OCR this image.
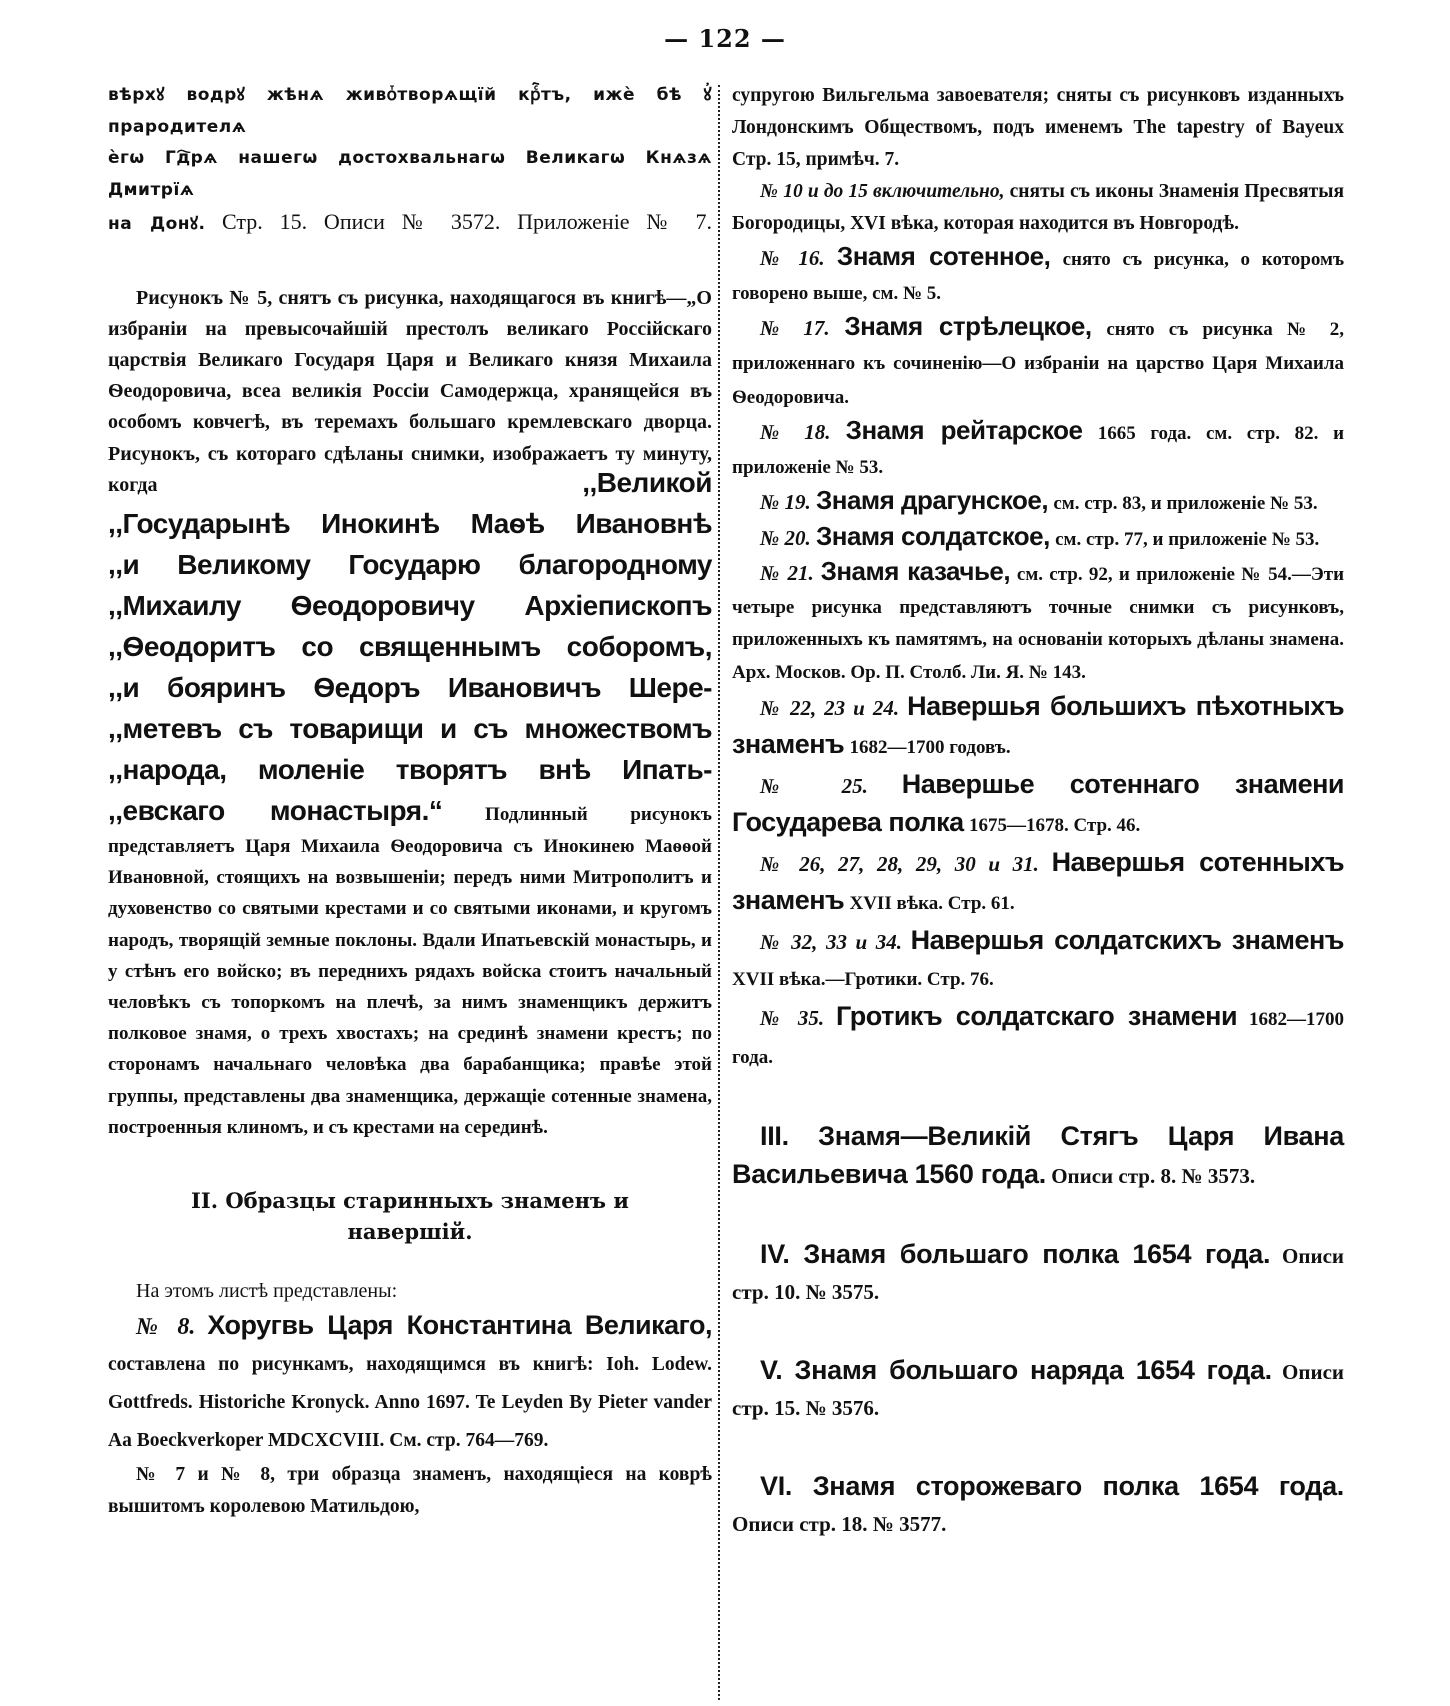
— 122 —

вѣрхꙋ водрꙋ жѣнѧ живоⷮтворѧщїй крⷭ҇тъ, ижѐ бѣ ꙋ҆ прародителѧ

ѐгѡ Гд҇рѧ нашегѡ достохвальнагѡ Великагѡ Кнѧзѧ Дмитрїѧ

на Донꙋ. Стр. 15. Описи № 3572. Приложеніе № 7.

Рисунокъ № 5, снятъ съ рисунка, находящагося въ книгѣ—„О избраніи на превысочайшій престолъ великаго Россійскаго царствія Великаго Государя Царя и Великаго князя Михаила Ѳеодоровича, всеа великія Россіи Самодержца, хранящейся въ особомъ ковчегѣ, въ теремахъ большаго кремлевскаго дворца. Рисунокъ, съ котораго сдѣланы снимки, изображаетъ ту минуту, когда	,,Великой

,,Государынѣ Инокинѣ Маѳѣ Ивановнѣ

,,и Великому Государю благородному

,,Михаилу Ѳеодоровичу Архіепископъ

,,Ѳеодоритъ со священнымъ соборомъ,

,,и бояринъ Ѳедоръ Ивановичъ Шере-

,,метевъ съ товарищи и съ множествомъ

,,народа, моленіе творятъ внѣ Ипать-

,,евскаго монастыря.“ Подлинный рисунокъ представляетъ Царя Михаила Ѳеодоровича съ Инокинею Маѳѳой Ивановной, стоящихъ на возвышеніи; передъ ними Митрополитъ и духовенство со святыми крестами и со святыми иконами, и кругомъ народъ, творящій земные поклоны. Вдали Ипатьевскій монастырь, и у стѣнъ его войско; въ переднихъ рядахъ войска стоитъ начальный человѣкъ съ топоркомъ на плечѣ, за нимъ знаменщикъ держитъ полковое знамя, о трехъ хвостахъ; на срединѣ знамени крестъ; по сторонамъ начальнаго человѣка два барабанщика; правѣе этой группы, представлены два знаменщика, держащіе сотенные знамена, построенныя клиномъ, и съ крестами на серединѣ.

II. Образцы старинныхъ знаменъ и навершій.

На этомъ листѣ представлены:

№ 8. Хоругвь Царя Константина Великаго, составлена по рисункамъ, находящимся въ книгѣ: Ioh. Lodew. Gottfreds. Historiche Kronyck. Anno 1697. Te Leyden By Pieter vander Aa Boeckverkoper MDCXCVIII. См. стр. 764—769.

№ 7 и № 8, три образца знаменъ, находящіеся на коврѣ вышитомъ королевою Матильдою,

супругою Вильгельма завоевателя; сняты съ рисунковъ изданныхъ Лондонскимъ Обществомъ, подъ именемъ The tapestry of Bayeux Стр. 15, примѣч. 7.

№ 10 и до 15 включительно, сняты съ иконы Знаменія Пресвятыя Богородицы, XVI вѣка, которая находится въ Новгородѣ.

№ 16. Знамя сотенное, снято съ рисунка, о которомъ говорено выше, см. № 5.

№ 17. Знамя стрѣлецкое, снято съ рисунка № 2, приложеннаго къ сочиненію—О избраніи на царство Царя Михаила Ѳеодоровича.

№ 18. Знамя рейтарское 1665 года. см. стр. 82. и приложеніе № 53.

№ 19. Знамя драгунское, см. стр. 83, и приложеніе № 53.

№ 20. Знамя солдатское, см. стр. 77, и приложеніе № 53.

№ 21. Знамя казачье, см. стр. 92, и приложеніе № 54.—Эти четыре рисунка представляютъ точные снимки съ рисунковъ, приложенныхъ къ памятямъ, на основаніи которыхъ дѣланы знамена. Арх. Москов. Ор. П. Столб. Ли. Я. № 143.

№ 22, 23 и 24. Навершья большихъ пѣхотныхъ знаменъ 1682—1700 годовъ.

№ 25. Навершье сотеннаго знамени Государева полка 1675—1678. Стр. 46.

№ 26, 27, 28, 29, 30 и 31. Навершья сотенныхъ знаменъ XVII вѣка. Стр. 61.

№ 32, 33 и 34. Навершья солдатскихъ знаменъ XVII вѣка.—Гротики. Стр. 76.

№ 35. Гротикъ солдатскаго знамени 1682—1700 года.

III. Знамя—Великій Стягъ Царя Ивана Васильевича 1560 года. Описи стр. 8. № 3573.

IV. Знамя большаго полка 1654 года. Описи стр. 10. № 3575.

V. Знамя большаго наряда 1654 года. Описи стр. 15. № 3576.

VI. Знамя сторожеваго полка 1654 года. Описи стр. 18. № 3577.
